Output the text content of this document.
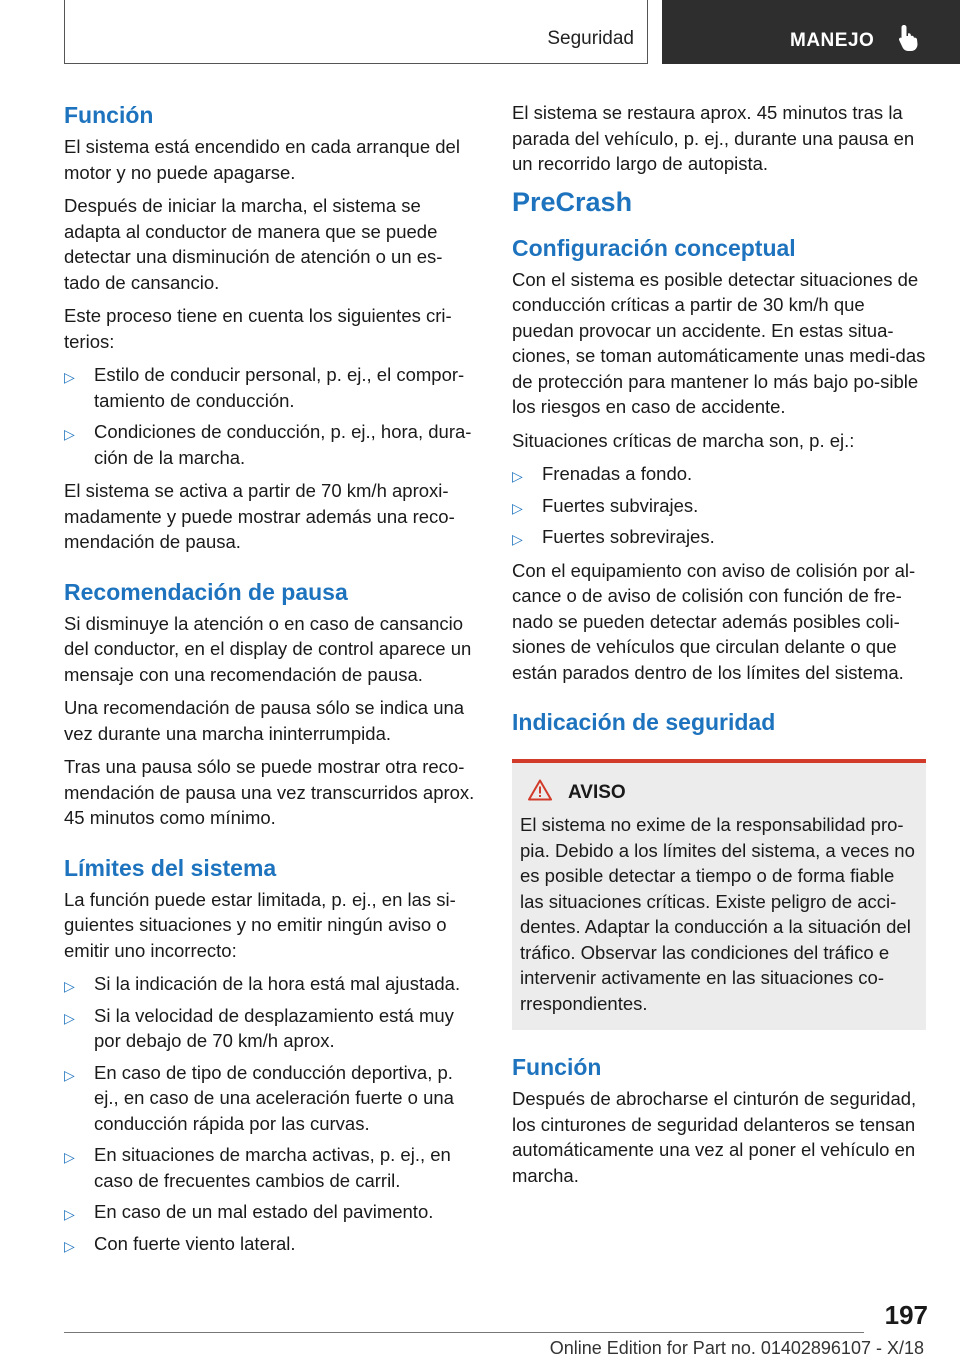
Seguridad	MANEJO
Función

El sistema está encendido en cada arranque del motor y no puede apagarse.

Después de iniciar la marcha, el sistema se adapta al conductor de manera que se puede detectar una disminución de atención o un es-tado de cansancio.

Este proceso tiene en cuenta los siguientes cri-terios:

▷ Estilo de conducir personal, p. ej., el compor-tamiento de conducción.
▷ Condiciones de conducción, p. ej., hora, dura-ción de la marcha.

El sistema se activa a partir de 70 km/h aproxi-madamente y puede mostrar además una reco-mendación de pausa.

Recomendación de pausa

Si disminuye la atención o en caso de cansancio del conductor, en el display de control aparece un mensaje con una recomendación de pausa.

Una recomendación de pausa sólo se indica una vez durante una marcha ininterrumpida.

Tras una pausa sólo se puede mostrar otra reco-mendación de pausa una vez transcurridos aprox. 45 minutos como mínimo.

Límites del sistema

La función puede estar limitada, p. ej., en las si-guientes situaciones y no emitir ningún aviso o emitir uno incorrecto:

▷ Si la indicación de la hora está mal ajustada.
▷ Si la velocidad de desplazamiento está muy por debajo de 70 km/h aprox.
▷ En caso de tipo de conducción deportiva, p. ej., en caso de una aceleración fuerte o una conducción rápida por las curvas.
▷ En situaciones de marcha activas, p. ej., en caso de frecuentes cambios de carril.
▷ En caso de un mal estado del pavimento.
▷ Con fuerte viento lateral.

El sistema se restaura aprox. 45 minutos tras la parada del vehículo, p. ej., durante una pausa en un recorrido largo de autopista.

PreCrash
Configuración conceptual

Con el sistema es posible detectar situaciones de conducción críticas a partir de 30 km/h que puedan provocar un accidente. En estas situa-ciones, se toman automáticamente unas medi-das de protección para mantener lo más bajo po-sible los riesgos en caso de accidente.

Situaciones críticas de marcha son, p. ej.:

▷ Frenadas a fondo.
▷ Fuertes subvirajes.
▷ Fuertes sobrevirajes.

Con el equipamiento con aviso de colisión por al-cance o de aviso de colisión con función de fre-nado se pueden detectar además posibles coli-siones de vehículos que circulan delante o que están parados dentro de los límites del sistema.

Indicación de seguridad
AVISO

El sistema no exime de la responsabilidad pro-pia. Debido a los límites del sistema, a veces no es posible detectar a tiempo o de forma fiable las situaciones críticas. Existe peligro de acci-dentes. Adaptar la conducción a la situación del tráfico. Observar las condiciones del tráfico e intervenir activamente en las situaciones co-rrespondientes.

Función

Después de abrocharse el cinturón de seguridad, los cinturones de seguridad delanteros se tensan automáticamente una vez al poner el vehículo en marcha.

197
Online Edition for Part no. 01402896107 - X/18
